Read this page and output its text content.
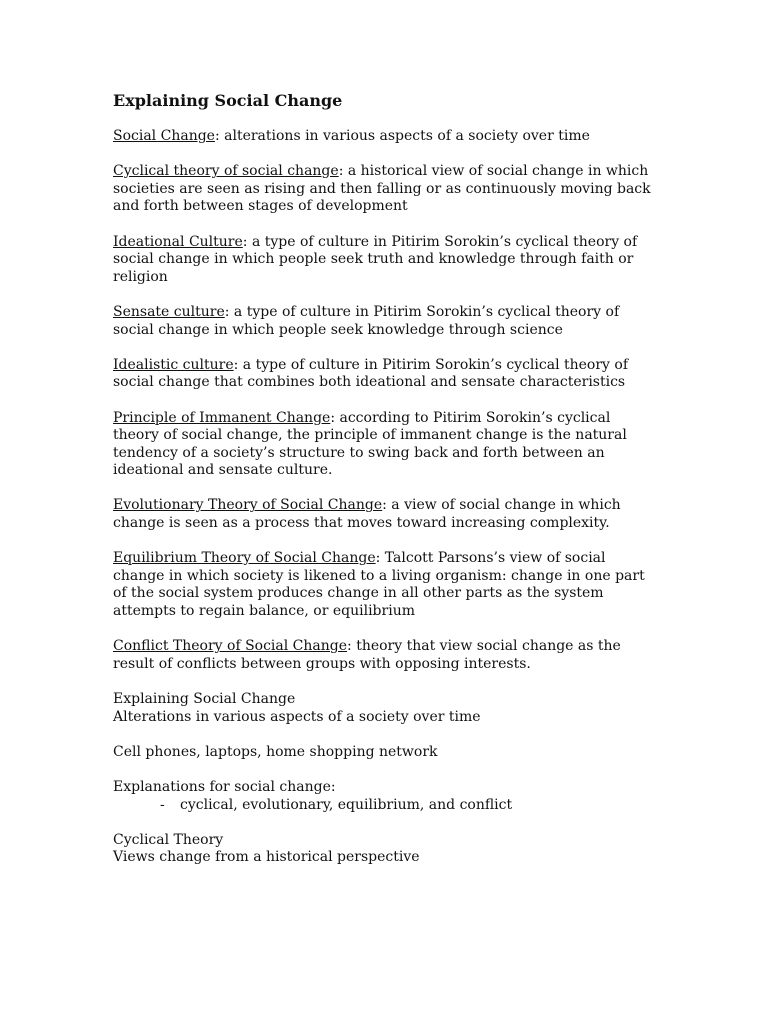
Explaining Social Change
Social Change: alterations in various aspects of a society over time
Cyclical theory of social change: a historical view of social change in which societies are seen as rising and then falling or as continuously moving back and forth between stages of development
Ideational Culture: a type of culture in Pitirim Sorokin’s cyclical theory of social change in which people seek truth and knowledge through faith or religion
Sensate culture: a type of culture in Pitirim Sorokin’s cyclical theory of social change in which people seek knowledge through science
Idealistic culture: a type of culture in Pitirim Sorokin’s cyclical theory of social change that combines both ideational and sensate characteristics
Principle of Immanent Change: according to Pitirim Sorokin’s cyclical theory of social change, the principle of immanent change is the natural tendency of a society’s structure to swing back and forth between an ideational and sensate culture.
Evolutionary Theory of Social Change: a view of social change in which change is seen as a process that moves toward increasing complexity.
Equilibrium Theory of Social Change: Talcott Parsons’s view of social change in which society is likened to a living organism: change in one part of the social system produces change in all other parts as the system attempts to regain balance, or equilibrium
Conflict Theory of Social Change: theory that view social change as the result of conflicts between groups with opposing interests.
Explaining Social Change
Alterations in various aspects of a society over time
Cell phones, laptops, home shopping network
Explanations for social change:
- cyclical, evolutionary, equilibrium, and conflict
Cyclical Theory
Views change from a historical perspective
